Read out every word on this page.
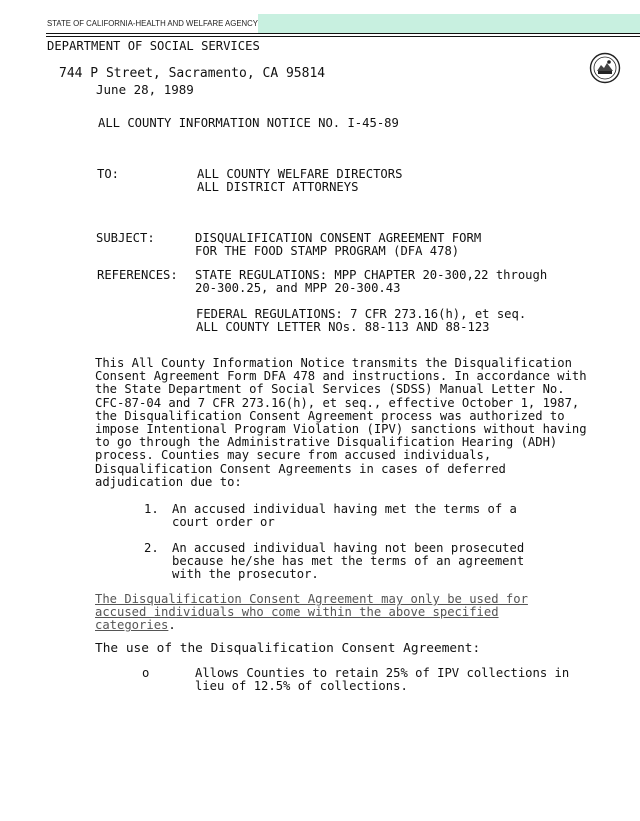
STATE OF CALIFORNIA-HEALTH AND WELFARE AGENCY
DEPARTMENT OF SOCIAL SERVICES
744 P Street, Sacramento, CA 95814
June 28, 1989
ALL COUNTY INFORMATION NOTICE NO. I-45-89
TO:	ALL COUNTY WELFARE DIRECTORS
ALL DISTRICT ATTORNEYS
SUBJECT:	DISQUALIFICATION CONSENT AGREEMENT FORM
FOR THE FOOD STAMP PROGRAM (DFA 478)
REFERENCES: STATE REGULATIONS: MPP CHAPTER 20-300,22 through
20-300.25, and MPP 20-300.43
FEDERAL REGULATIONS: 7 CFR 273.16(h), et seq.
ALL COUNTY LETTER NOs. 88-113 AND 88-123
This All County Information Notice transmits the Disqualification Consent Agreement Form DFA 478 and instructions. In accordance with the State Department of Social Services (SDSS) Manual Letter No. CFC-87-04 and 7 CFR 273.16(h), et seq., effective October 1, 1987, the Disqualification Consent Agreement process was authorized to impose Intentional Program Violation (IPV) sanctions without having to go through the Administrative Disqualification Hearing (ADH) process. Counties may secure from accused individuals, Disqualification Consent Agreements in cases of deferred adjudication due to:
1. An accused individual having met the terms of a
court order or
2. An accused individual having not been prosecuted
because he/she has met the terms of an agreement
with the prosecutor.
The Disqualification Consent Agreement may only be used for accused individuals who come within the above specified categories.
The use of the Disqualification Consent Agreement:
o	Allows Counties to retain 25% of IPV collections in
lieu of 12.5% of collections.
